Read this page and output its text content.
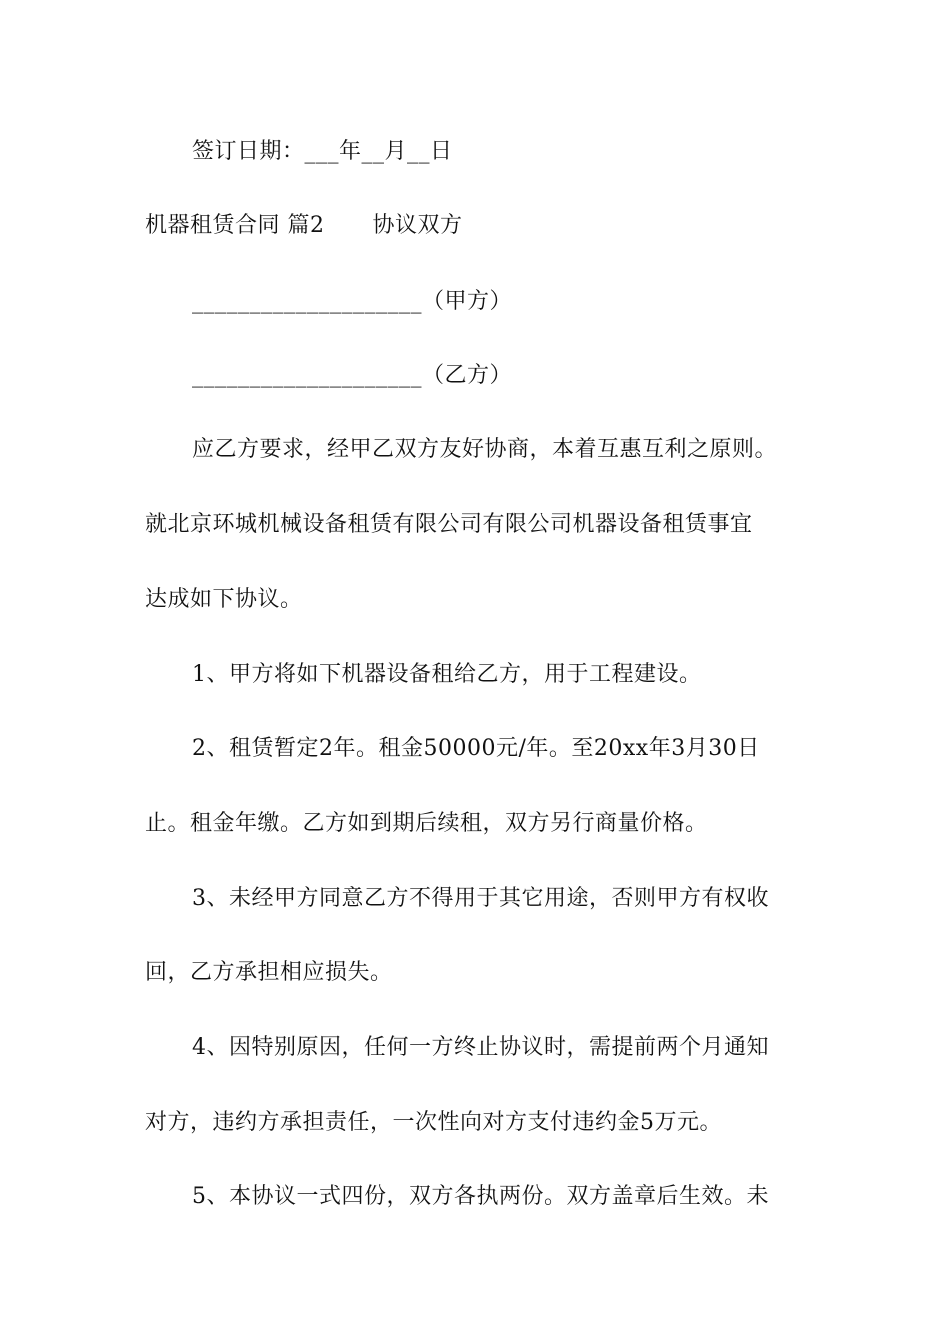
签订日期：___年__月__日
机器租赁合同 篇2 协议双方
____________________（甲方）
____________________（乙方）
应乙方要求，经甲乙双方友好协商，本着互惠互利之原则。
就北京环城机械设备租赁有限公司有限公司机器设备租赁事宜
达成如下协议。
1、甲方将如下机器设备租给乙方，用于工程建设。
2、租赁暂定2年。租金50000元/年。至20xx年3月30日
止。租金年缴。乙方如到期后续租，双方另行商量价格。
3、未经甲方同意乙方不得用于其它用途，否则甲方有权收
回，乙方承担相应损失。
4、因特别原因，任何一方终止协议时，需提前两个月通知
对方，违约方承担责任，一次性向对方支付违约金5万元。
5、本协议一式四份，双方各执两份。双方盖章后生效。未
